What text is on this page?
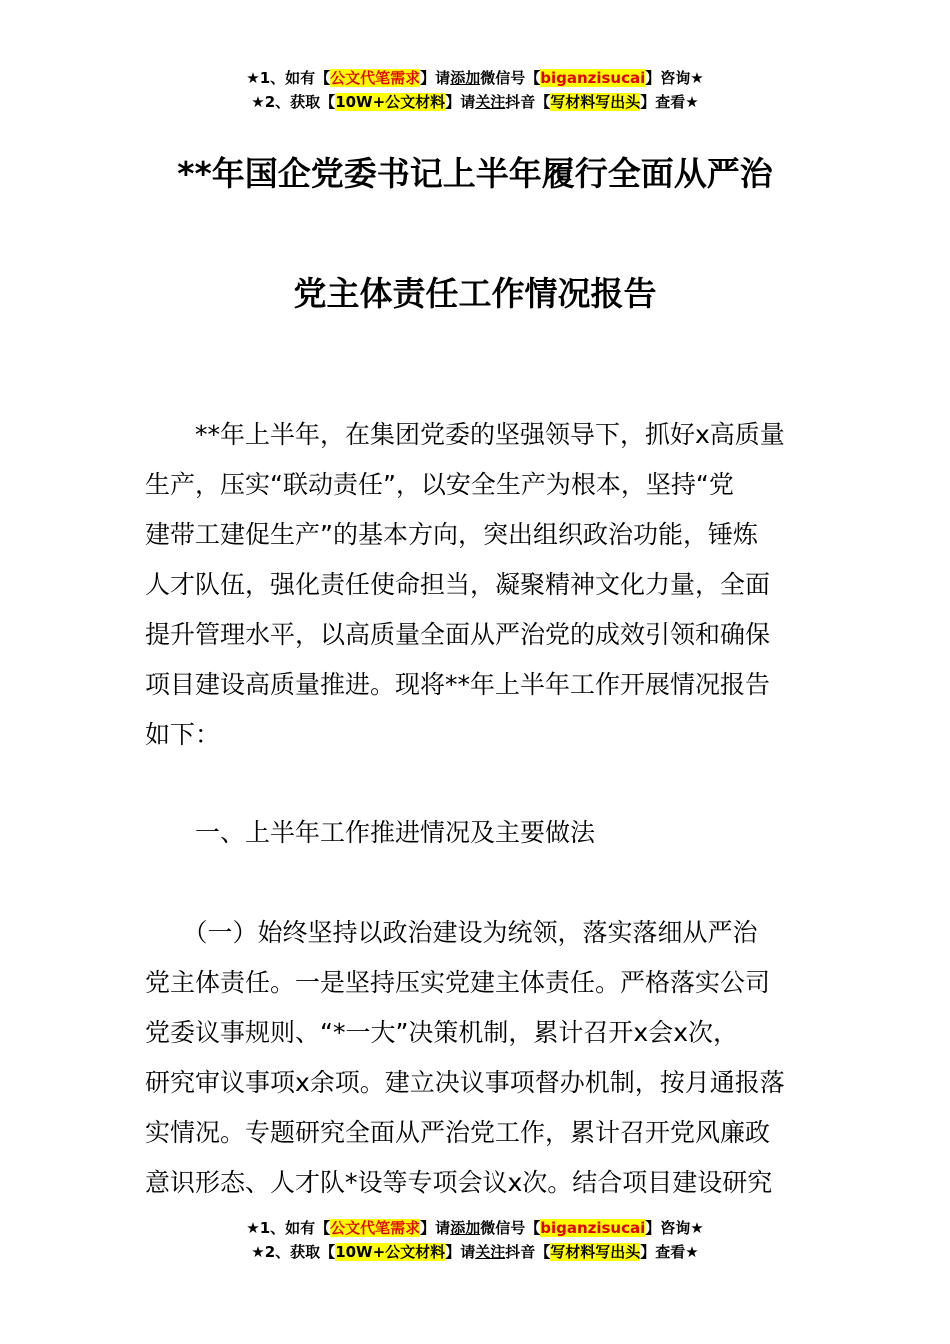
★1、如有【公文代笔需求】请添加微信号【biganzisucai】咨询★
★2、获取【10W+公文材料】请关注抖音【写材料写出头】查看★
**年国企党委书记上半年履行全面从严治
党主体责任工作情况报告
　　**年上半年，在集团党委的坚强领导下，抓好x高质量
生产，压实“联动责任”，以安全生产为根本，坚持“党
建带工建促生产”的基本方向，突出组织政治功能，锤炼
人才队伍，强化责任使命担当，凝聚精神文化力量，全面
提升管理水平，以高质量全面从严治党的成效引领和确保
项目建设高质量推进。现将**年上半年工作开展情况报告
如下：
　　一、上半年工作推进情况及主要做法
　　（一）始终坚持以政治建设为统领，落实落细从严治
党主体责任。一是坚持压实党建主体责任。严格落实公司
党委议事规则、“*一大”决策机制，累计召开x会x次，
研究审议事项x余项。建立决议事项督办机制，按月通报落
实情况。专题研究全面从严治党工作，累计召开党风廉政
意识形态、人才队*设等专项会议x次。结合项目建设研究
★1、如有【公文代笔需求】请添加微信号【biganzisucai】咨询★
★2、获取【10W+公文材料】请关注抖音【写材料写出头】查看★
